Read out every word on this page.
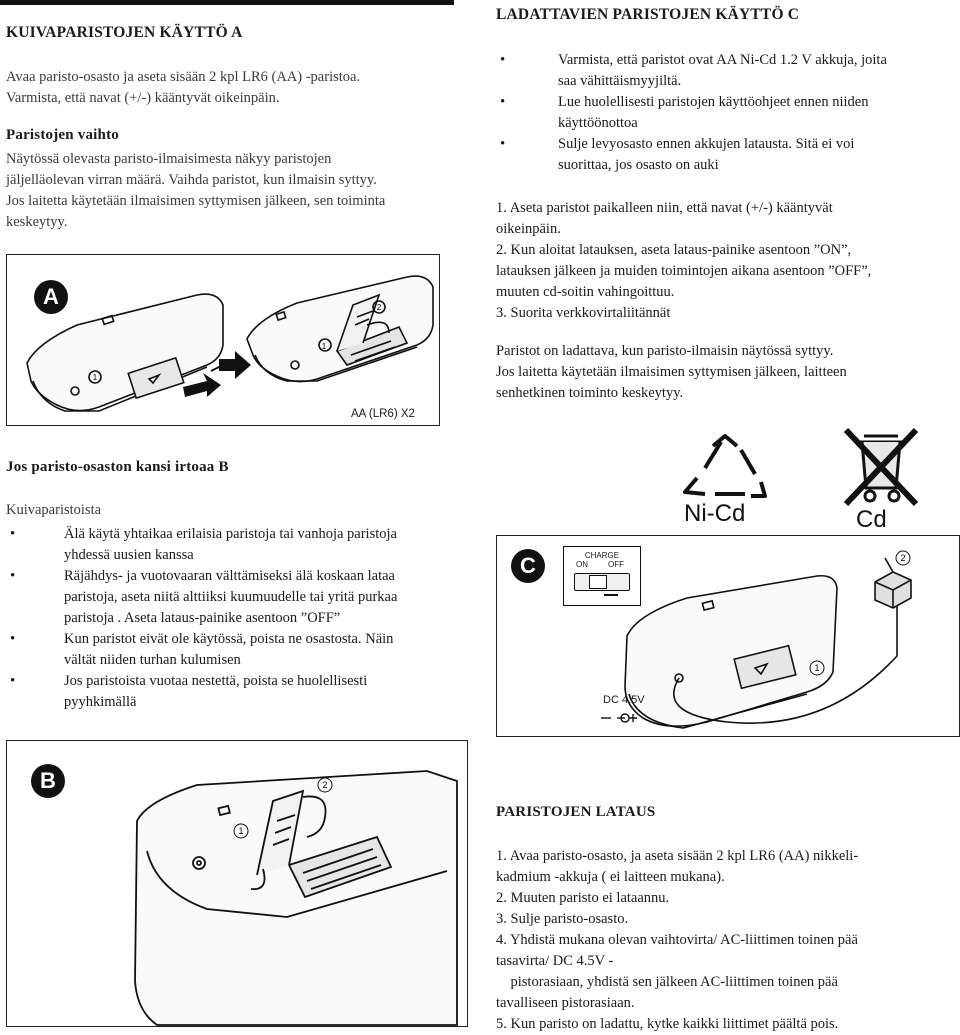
KUIVAPARISTOJEN KÄYTTÖ A
Avaa paristo-osasto ja aseta sisään 2 kpl LR6 (AA) -paristoa.
Varmista, että navat (+/-) kääntyvät oikeinpäin.
Paristojen vaihto
Näytössä olevasta paristo-ilmaisimesta näkyy paristojen
jäljelläolevan virran määrä. Vaihda paristot, kun ilmaisin syttyy.
Jos laitetta käytetään ilmaisimen syttymisen jälkeen, sen toiminta
keskeytyy.
A
1
2
1
AA (LR6) X2
Jos paristo-osaston kansi irtoaa B
Kuivaparistoista
• Älä käytä yhtaikaa erilaisia paristoja tai vanhoja paristoja
yhdessä uusien kanssa
• Räjähdys- ja vuotovaaran välttämiseksi älä koskaan lataa
paristoja, aseta niitä alttiiksi kuumuudelle tai yritä purkaa
paristoja . Aseta lataus-painike asentoon ”OFF”
• Kun paristot eivät ole käytössä, poista ne osastosta. Näin
vältät niiden turhan kulumisen
• Jos paristoista vuotaa nestettä, poista se huolellisesti
pyyhkimällä
B
1
2
LADATTAVIEN PARISTOJEN KÄYTTÖ C
• Varmista, että paristot ovat AA Ni-Cd 1.2 V akkuja, joita
saa vähittäismyyjiltä.
• Lue huolellisesti paristojen käyttöohjeet ennen niiden
käyttöönottoa
• Sulje levyosasto ennen akkujen latausta. Sitä ei voi
suorittaa, jos osasto on auki
1. Aseta paristot paikalleen niin, että navat (+/-) kääntyvät
oikeinpäin.
2. Kun aloitat latauksen, aseta lataus-painike asentoon ”ON”,
latauksen jälkeen ja muiden toimintojen aikana asentoon ”OFF”,
muuten cd-soitin vahingoittuu.
3. Suorita verkkovirtaliitännät
Paristot on ladattava, kun paristo-ilmaisin näytössä syttyy.
Jos laitetta käytetään ilmaisimen syttymisen jälkeen, laitteen
senhetkinen toiminto keskeytyy.
Ni-Cd	Cd
C	CHARGE
ON	OFF
1
2
DC 4.5V
PARISTOJEN LATAUS
1. Avaa paristo-osasto, ja aseta sisään 2 kpl LR6 (AA) nikkeli-
kadmium -akkuja ( ei laitteen mukana).
2. Muuten paristo ei lataannu.
3. Sulje paristo-osasto.
4. Yhdistä mukana olevan vaihtovirta/ AC-liittimen toinen pää
tasavirta/ DC 4.5V -
pistorasiaan, yhdistä sen jälkeen AC-liittimen toinen pää
tavalliseen pistorasiaan.
5. Kun paristo on ladattu, kytke kaikki liittimet päältä pois.
